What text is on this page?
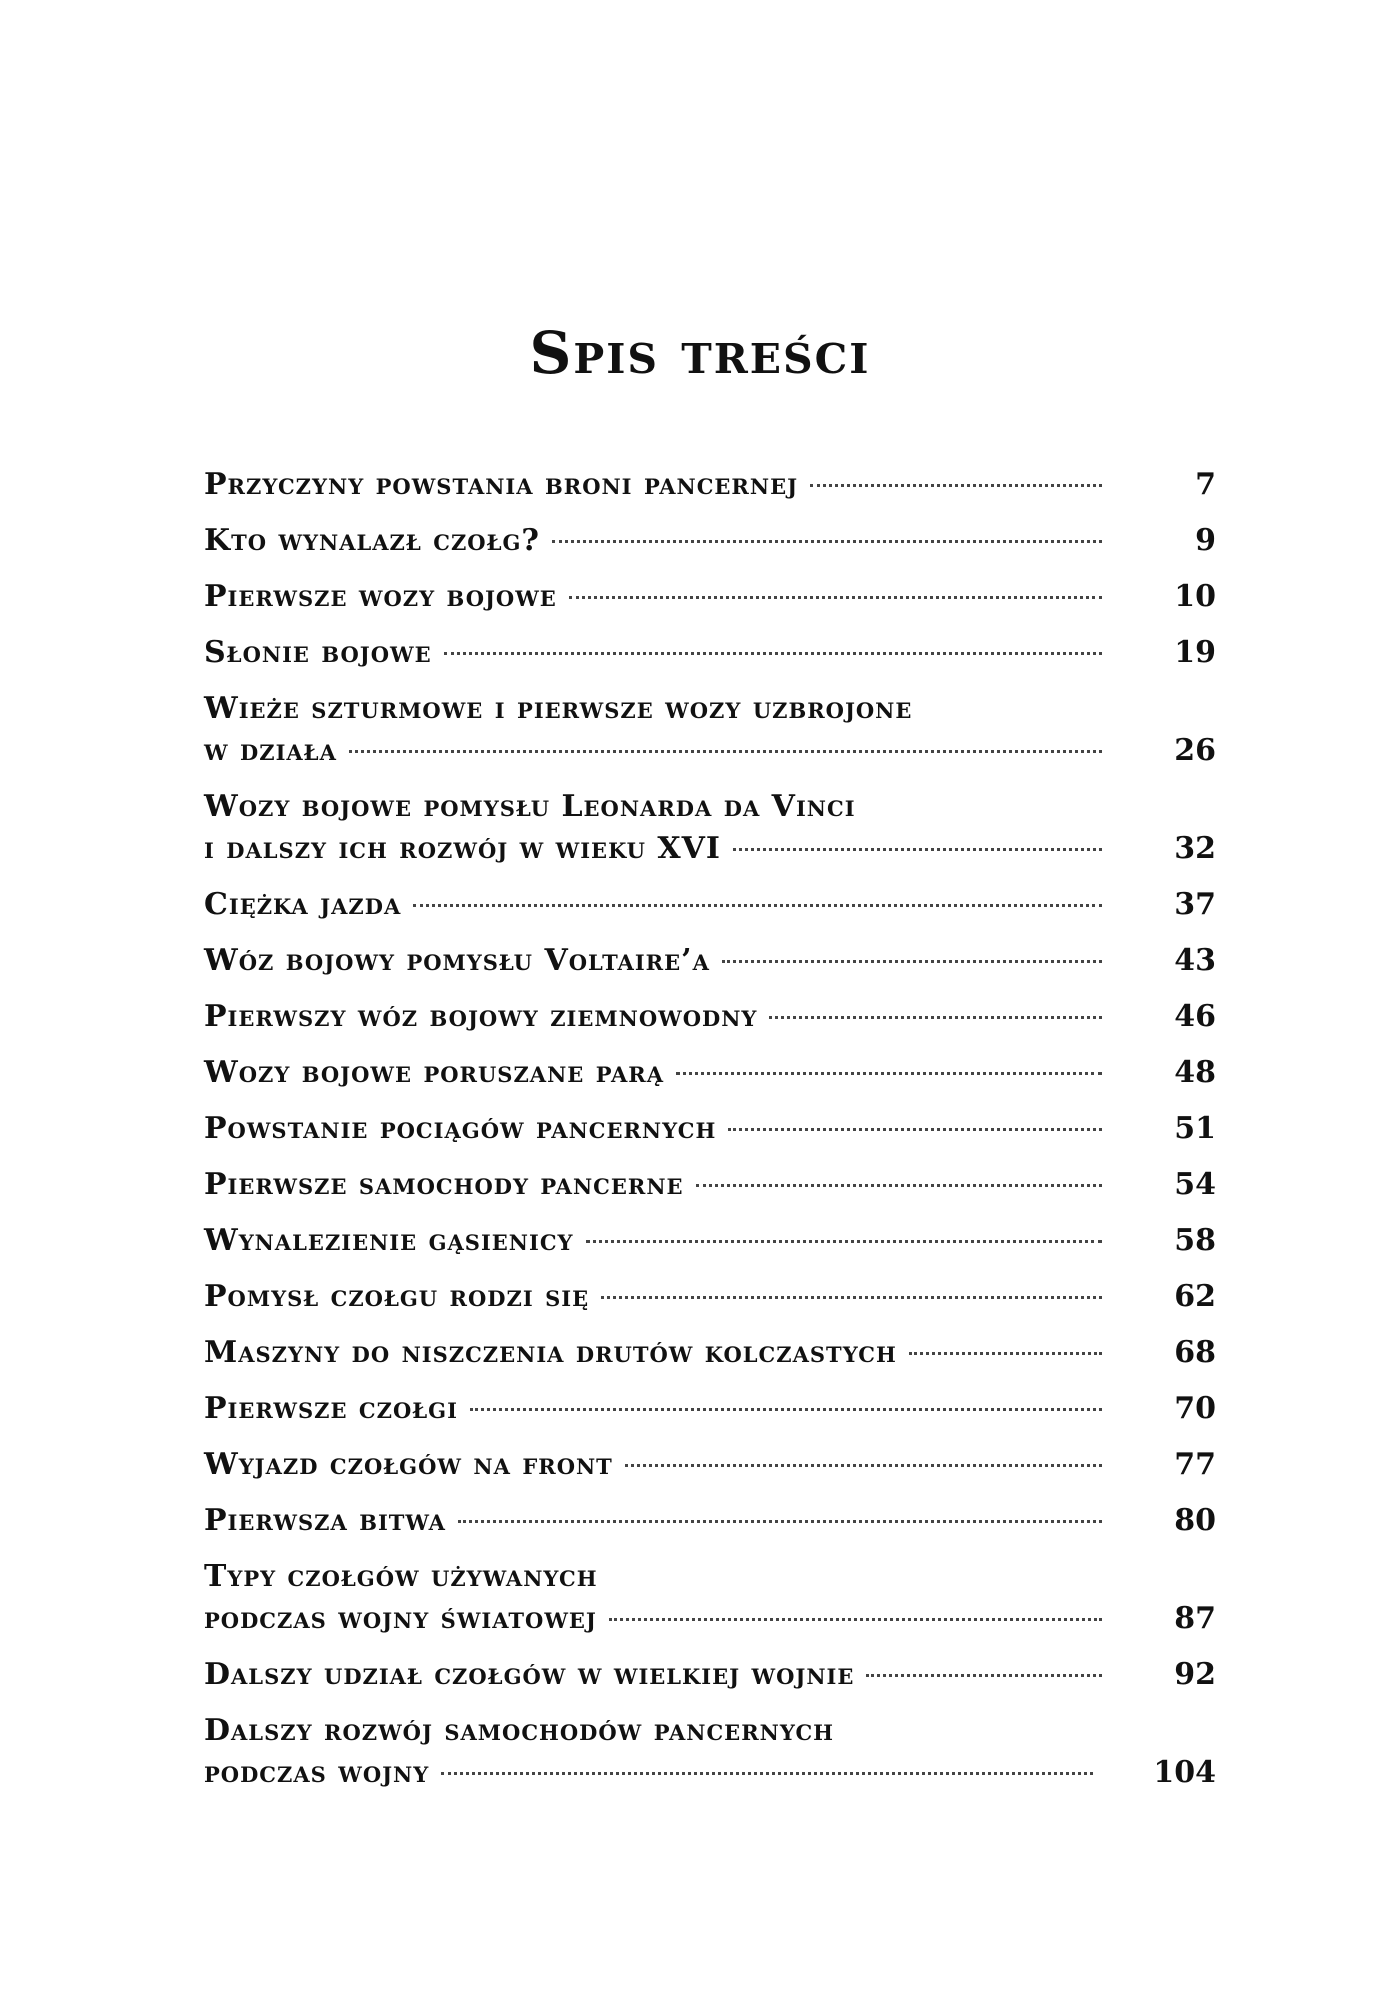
Spis treści
Przyczyny powstania broni pancernej	7
Kto wynalazł czołg?	9
Pierwsze wozy bojowe	10
Słonie bojowe	19
Wieże szturmowe i pierwsze wozy uzbrojone
w działa	26
Wozy bojowe pomysłu Leonarda da Vinci
i dalszy ich rozwój w wieku XVI	32
Ciężka jazda	37
Wóz bojowy pomysłu Voltaire’a	43
Pierwszy wóz bojowy ziemnowodny	46
Wozy bojowe poruszane parą	48
Powstanie pociągów pancernych	51
Pierwsze samochody pancerne	54
Wynalezienie gąsienicy	58
Pomysł czołgu rodzi się	62
Maszyny do niszczenia drutów kolczastych	68
Pierwsze czołgi	70
Wyjazd czołgów na front	77
Pierwsza bitwa	80
Typy czołgów używanych
podczas wojny światowej	87
Dalszy udział czołgów w wielkiej wojnie	92
Dalszy rozwój samochodów pancernych
podczas wojny	104
